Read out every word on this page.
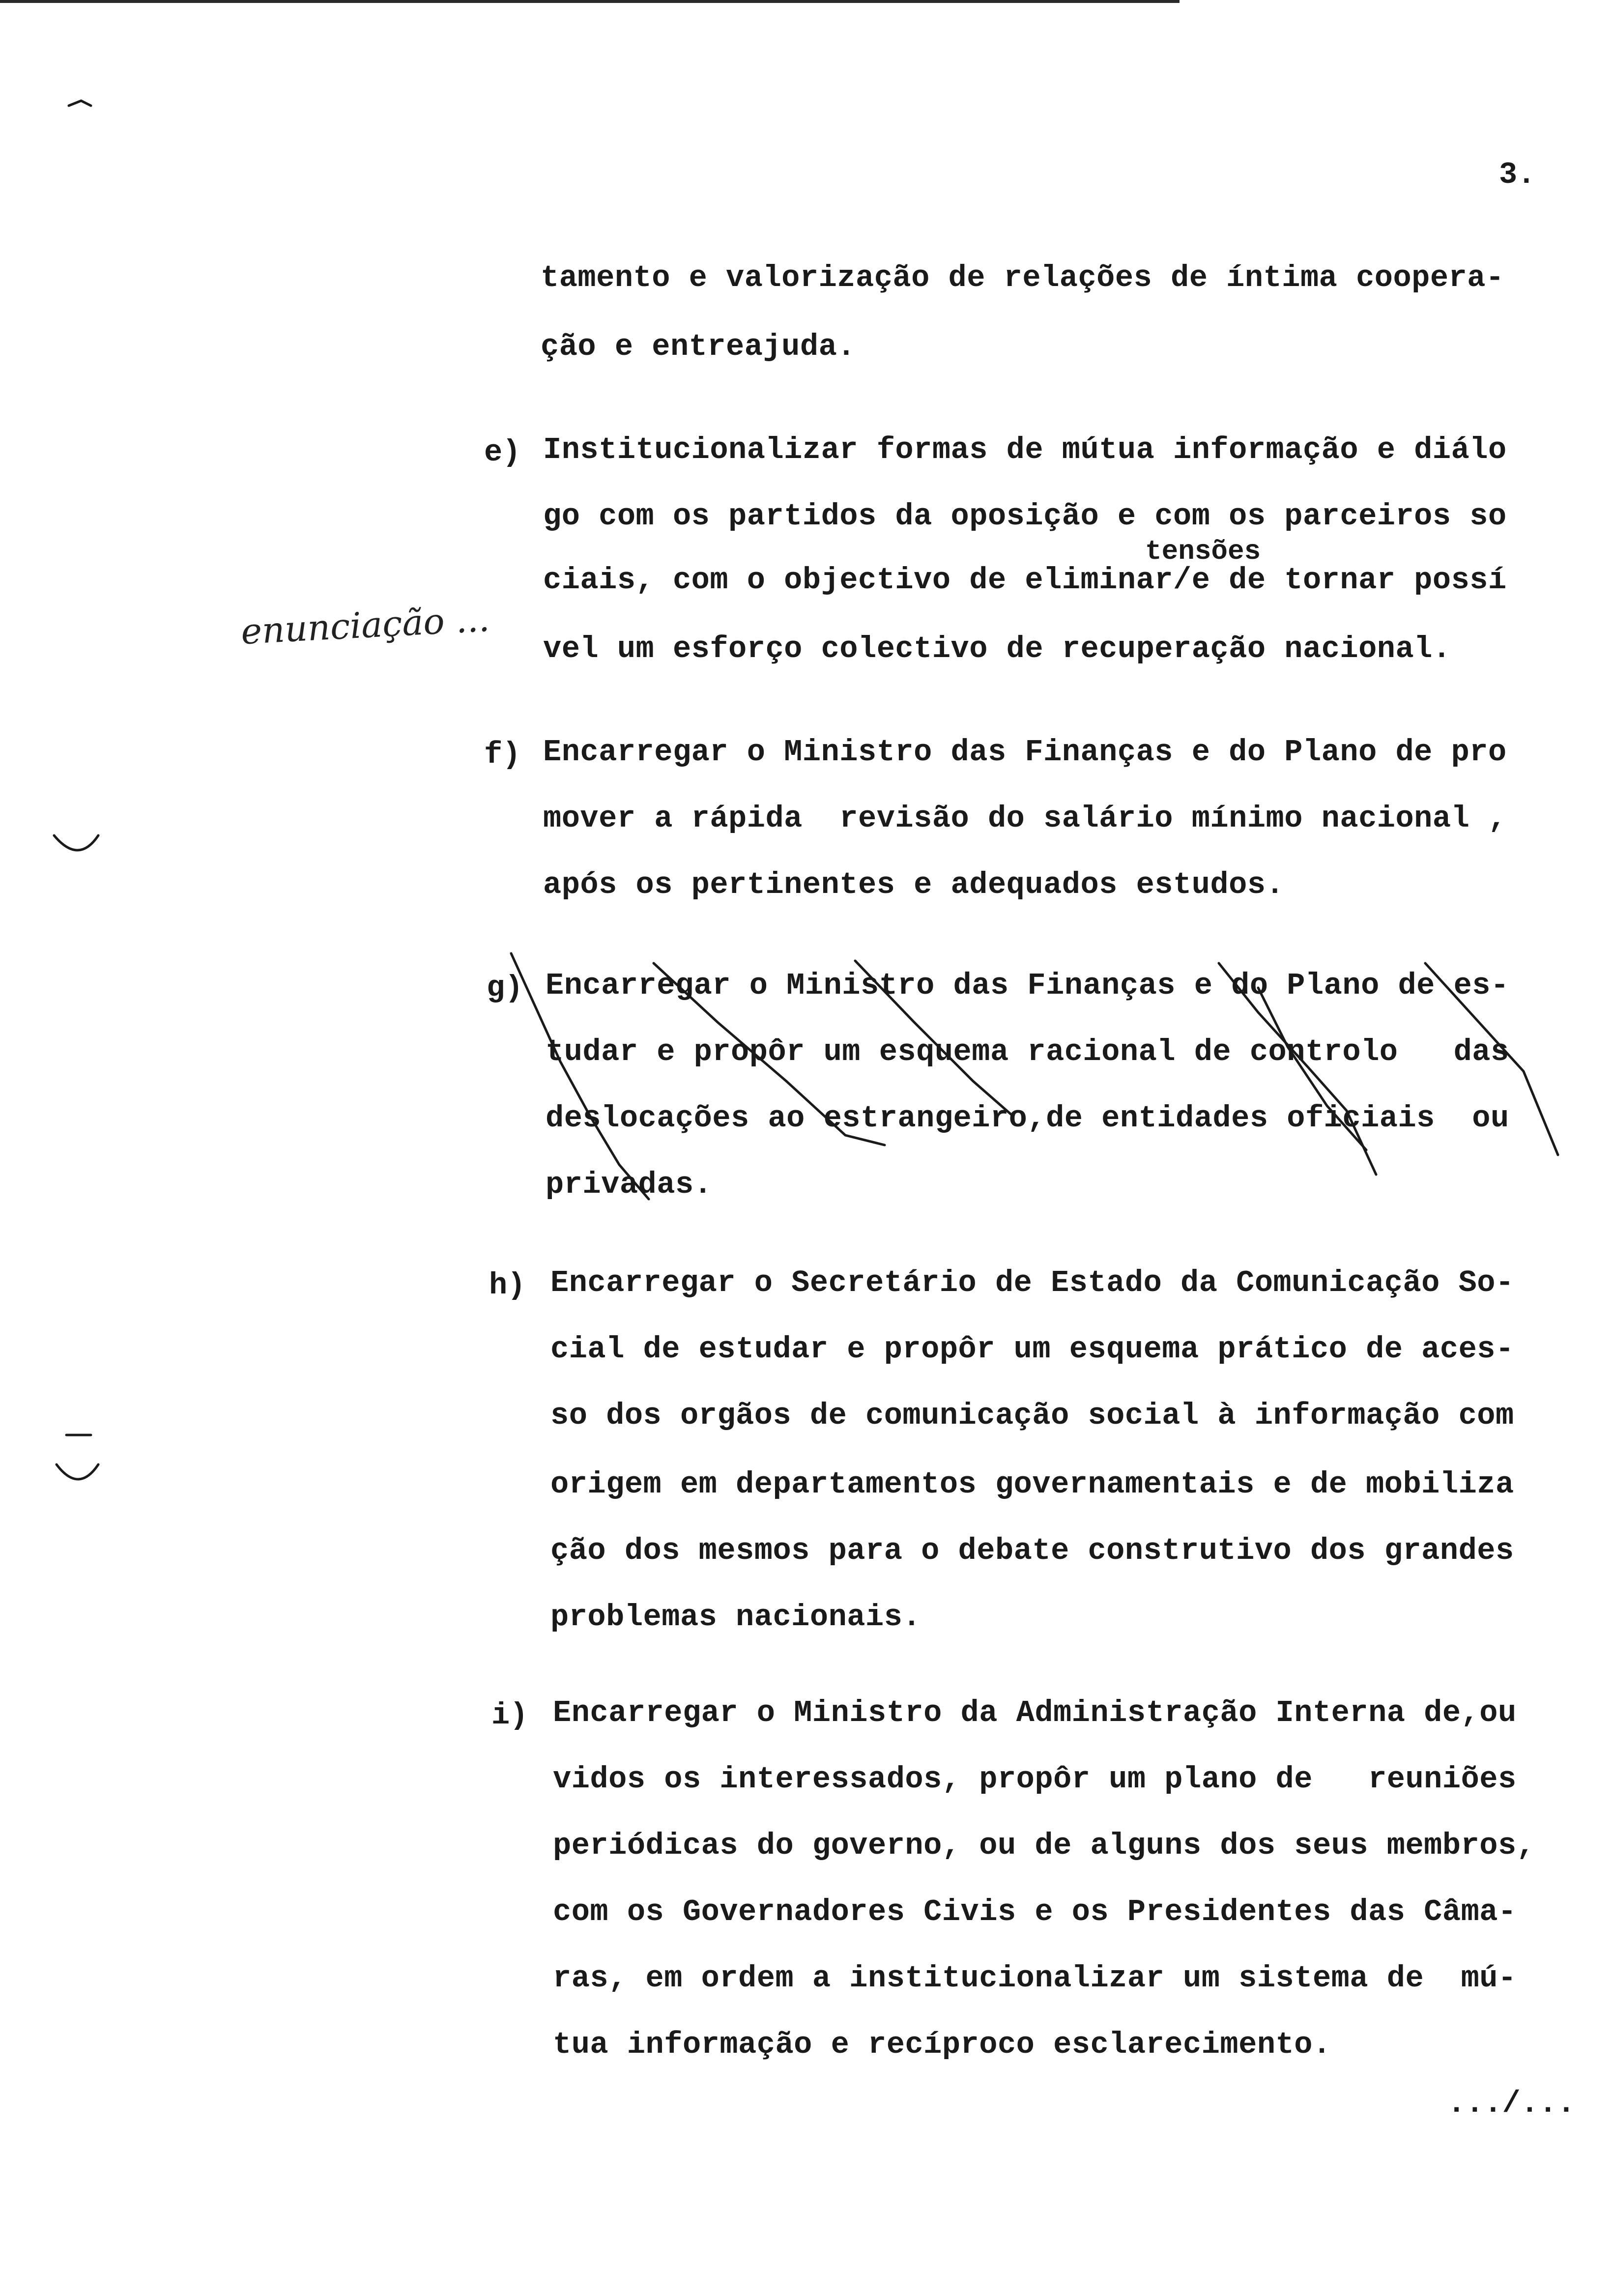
3.
tamento e valorização de relações de íntima coopera-
ção e entreajuda.
e) Institucionalizar formas de mútua informação e diálo
go com os partidos da oposição e com os parceiros so
tensões
ciais, com o objectivo de eliminar/e de tornar possí
vel um esforço colectivo de recuperação nacional.
enunciação ...
f) Encarregar o Ministro das Finanças e do Plano de pro
mover a rápida  revisão do salário mínimo nacional ,
após os pertinentes e adequados estudos.
g) Encarregar o Ministro das Finanças e do Plano de es-
tudar e propôr um esquema racional de controlo   das
deslocações ao estrangeiro,de entidades oficiais  ou
privadas.
h) Encarregar o Secretário de Estado da Comunicação So-
cial de estudar e propôr um esquema prático de aces-
so dos orgãos de comunicação social à informação com
origem em departamentos governamentais e de mobiliza
ção dos mesmos para o debate construtivo dos grandes
problemas nacionais.
i) Encarregar o Ministro da Administração Interna de,ou
vidos os interessados, propôr um plano de   reuniões
periódicas do governo, ou de alguns dos seus membros,
com os Governadores Civis e os Presidentes das Câma-
ras, em ordem a institucionalizar um sistema de  mú-
tua informação e recíproco esclarecimento.
.../...
